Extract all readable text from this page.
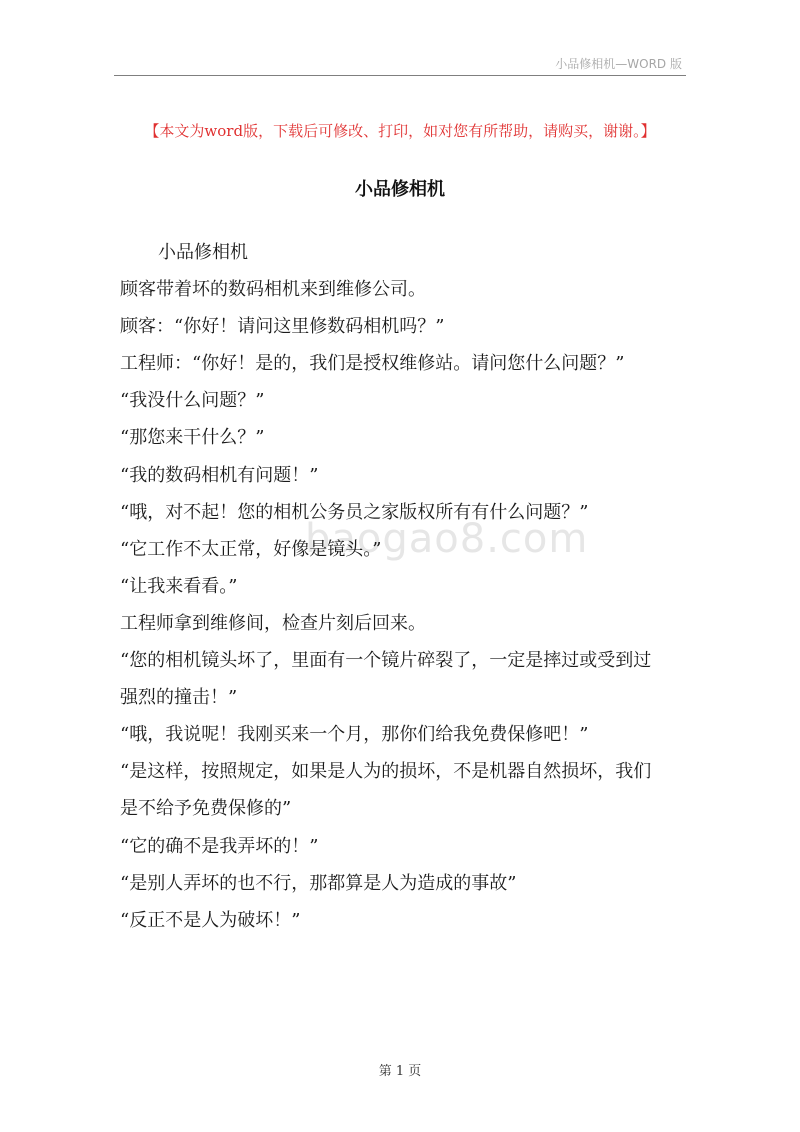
小品修相机—WORD 版
【本文为word版，下载后可修改、打印，如对您有所帮助，请购买，谢谢。】
小品修相机
baogao8.com
小品修相机
顾客带着坏的数码相机来到维修公司。
顾客：“你好！请问这里修数码相机吗？”
工程师：“你好！是的，我们是授权维修站。请问您什么问题？”
“我没什么问题？”
“那您来干什么？”
“我的数码相机有问题！”
“哦，对不起！您的相机公务员之家版权所有有什么问题？”
“它工作不太正常，好像是镜头。”
“让我来看看。”
工程师拿到维修间，检查片刻后回来。
“您的相机镜头坏了，里面有一个镜片碎裂了，一定是摔过或受到过
强烈的撞击！”
“哦，我说呢！我刚买来一个月，那你们给我免费保修吧！”
“是这样，按照规定，如果是人为的损坏，不是机器自然损坏，我们
是不给予免费保修的”
“它的确不是我弄坏的！”
“是别人弄坏的也不行，那都算是人为造成的事故”
“反正不是人为破坏！”
第 1 页
